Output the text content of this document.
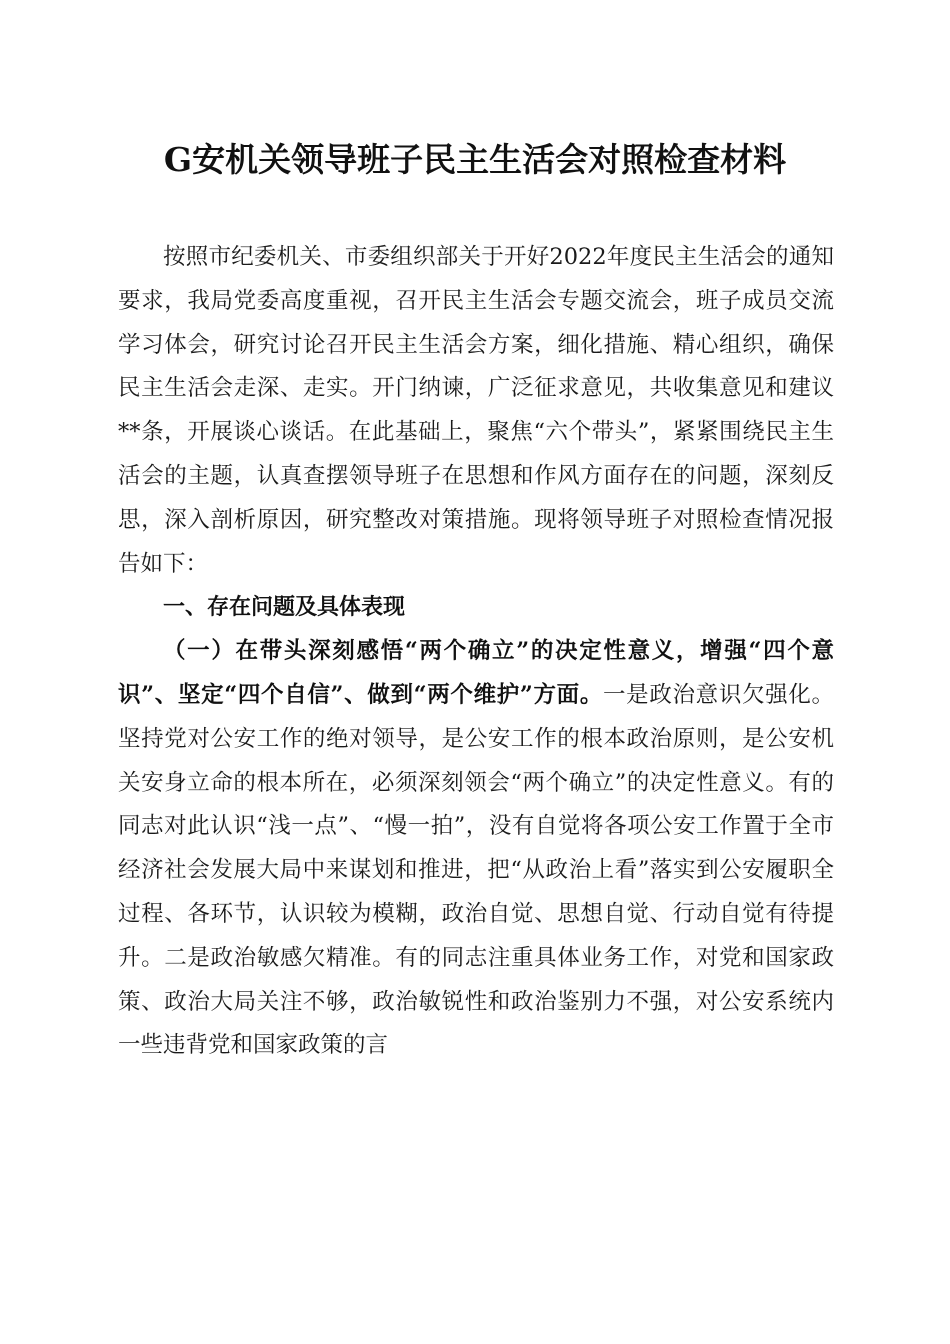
G安机关领导班子民主生活会对照检查材料

按照市纪委机关、市委组织部关于开好2022年度民主生活会的通知要求，我局党委高度重视，召开民主生活会专题交流会，班子成员交流学习体会，研究讨论召开民主生活会方案，细化措施、精心组织，确保民主生活会走深、走实。开门纳谏，广泛征求意见，共收集意见和建议**条，开展谈心谈话。在此基础上，聚焦“六个带头”，紧紧围绕民主生活会的主题，认真查摆领导班子在思想和作风方面存在的问题，深刻反思，深入剖析原因，研究整改对策措施。现将领导班子对照检查情况报告如下：

一、存在问题及具体表现

（一）在带头深刻感悟“两个确立”的决定性意义，增强“四个意识”、坚定“四个自信”、做到“两个维护”方面。一是政治意识欠强化。坚持党对公安工作的绝对领导，是公安工作的根本政治原则，是公安机关安身立命的根本所在，必须深刻领会“两个确立”的决定性意义。有的同志对此认识“浅一点”、“慢一拍”，没有自觉将各项公安工作置于全市经济社会发展大局中来谋划和推进，把“从政治上看”落实到公安履职全过程、各环节，认识较为模糊，政治自觉、思想自觉、行动自觉有待提升。二是政治敏感欠精准。有的同志注重具体业务工作，对党和国家政策、政治大局关注不够，政治敏锐性和政治鉴别力不强，对公安系统内一些违背党和国家政策的言
